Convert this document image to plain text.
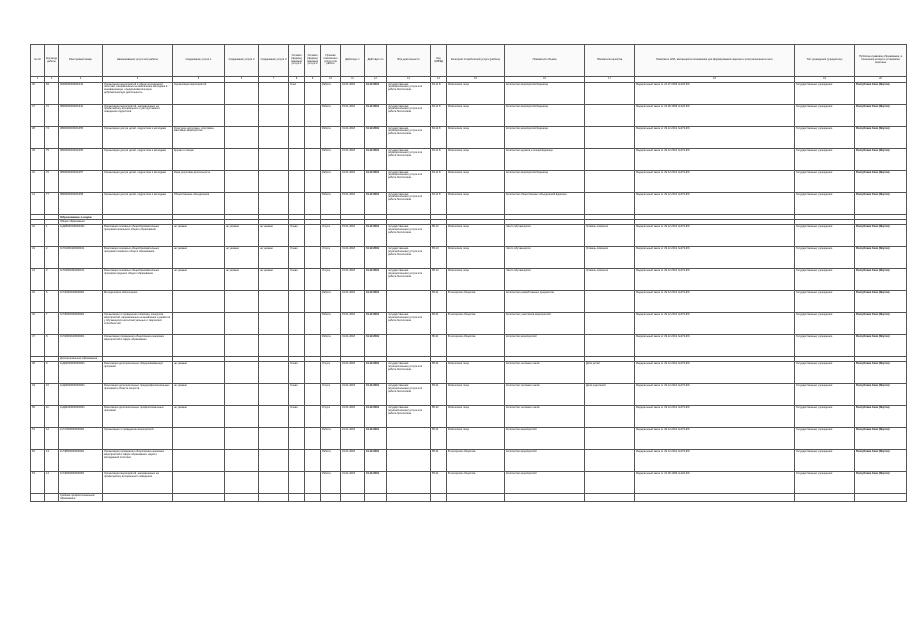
№ п/п	Код вида работы	Реестровый номер	Наименование услуги или работы	Содержание услуги 1	Содержание услуги 2	Содержание услуги 3	Условия (формы) оказания услуги 1	Условия (формы) оказания услуги 2	Признак отнесения к услуге или работе	Действует с	Действует по	Вид деятельности	Код ОКВЭД	Категории потребителей услуги (работы)	Показатели объема	Показатели качества	Реквизиты НПА, являющихся основанием для формирования перечня и (или) включения в него	Тип учреждения (учредитель)	Публично-правовое образование, в отношении которого установлен перечень
1	2	3	4	5	6	7	8	9	10	11	12	13	14	15	16	17	18	19	20
36	69	0600000000000142	Организация мероприятий в сфере молодежной политики, направленных на вовлечение молодежи в инновационную, предпринимательскую, добровольческую деятельность	Организация мероприятий			Очно		Работа	01.01.2018	31.12.2019	государственная (муниципальная) услуга или работа бесплатная	84.11.8	Физические лица	Количество мероприятий Единица		Федеральный закон от 24.07.2009 №125-ФЗ	Государственные учреждения	Республика Саха (Якутия)
37	72	0800000000001342	Организация мероприятий, направленных на профилактику асоциального и деструктивного поведения подростков						Работа	01.01.2018	31.12.2019	государственная (муниципальная) услуга или работа бесплатная	84.11.8	Физические лица	Количество мероприятий Единица		Федеральный закон от 24.06.1999 №120-ФЗ	Государственные учреждения	Республика Саха (Якутия)
38	74	0800000000001455	Организация досуга детей, подростков и молодежи	Культурно-досуговые, спортивно-массовые мероприятия					Работа	01.01.2018	31.12.2019	государственная (муниципальная) услуга или работа бесплатная	84.11.8	Физические лица	Количество мероприятий Единица		Федеральный закон от 29.12.2012 №273-ФЗ	Государственные учреждения	Республика Саха (Якутия)
39	75	0800000000001456	Организация досуга детей, подростков и молодежи	Кружки и секции					Работа	01.01.2018	31.12.2019	государственная (муниципальная) услуга или работа бесплатная	84.11.8	Физические лица	Количество кружков и секций Единица		Федеральный закон от 29.12.2012 №273-ФЗ	Государственные учреждения	Республика Саха (Якутия)
40	76	0800000000001457	Организация досуга детей, подростков и молодежи	Иная досуговая деятельность					Работа	01.01.2018	31.12.2019	государственная (муниципальная) услуга или работа бесплатная	84.11.8	Физические лица	Количество мероприятий Единица		Федеральный закон от 29.12.2012 №273-ФЗ	Государственные учреждения	Республика Саха (Якутия)
41	77	0800000000001458	Организация досуга детей, подростков и молодежи	Общественные объединения					Работа	01.01.2018	31.12.2019	государственная (муниципальная) услуга или работа бесплатная	84.11.8	Физические лица	Количество общественных объединений Единица		Федеральный закон от 29.12.2012 №273-ФЗ	Государственные учреждения	Республика Саха (Якутия)
		Образование и наука																	
		Общее образование																	
42	1	11Д45000100400101	Реализация основных общеобразовательных программ начального общего образования	не указано	не указано	не указано	Очная		Услуга	01.01.2018	31.12.2019	государственная (муниципальная) услуга или работа бесплатная	85.12	Физические лица	Число обучающихся	Уровень освоения	Федеральный закон от 29.12.2012 №273-ФЗ	Государственные учреждения	Республика Саха (Якутия)
43	2	11791000100400101	Реализация основных общеобразовательных программ основного общего образования	не указано	не указано	не указано	Очная		Услуга	01.01.2018	31.12.2019	государственная (муниципальная) услуга или работа бесплатная	85.13	Физические лица	Число обучающихся	Уровень освоения	Федеральный закон от 29.12.2012 №273-ФЗ	Государственные учреждения	Республика Саха (Якутия)
44	3	11794000300400101	Реализация основных общеобразовательных программ среднего общего образования	не указано	не указано	не указано	Очная		Услуга	01.01.2018	31.12.2019	государственная (муниципальная) услуга или работа бесплатная	85.14	Физические лица	Число обучающихся	Уровень освоения	Федеральный закон от 29.12.2012 №273-ФЗ	Государственные учреждения	Республика Саха (Якутия)
45	5	11Г42000100000001	Методическое обеспечение						Работа	01.01.2018	31.12.2019		85.41	В интересах общества	Количество разработанных документов		Федеральный закон от 29.12.2012 №273-ФЗ	Государственные учреждения	Республика Саха (Якутия)
46	7	11Г45000300000001	Организация и проведение олимпиад, конкурсов, мероприятий, направленных на выявление и развитие у обучающихся интеллектуальных и творческих способностей						Работа	01.01.2018	31.12.2019	государственная (муниципальная) услуга или работа бесплатная	85.41	В интересах общества	Количество участников мероприятий		Федеральный закон от 29.12.2012 №273-ФЗ	Государственные учреждения	Республика Саха (Якутия)
47	8	11Г46000100000001	Организация проведения общественно-значимых мероприятий в сфере образования						Работа	01.01.2018	31.12.2019		85.41	В интересах общества	Количество мероприятий		Федеральный закон от 29.12.2012 №273-ФЗ	Государственные учреждения	Республика Саха (Якутия)
		Дополнительное образование																	
48	9	11Д42000000000001	Реализация дополнительных общеразвивающих программ	не указано			Очная		Услуга	01.01.2018	31.12.2019	государственная (муниципальная) услуга или работа бесплатная	85.41	Физические лица	Количество человеко-часов	Доля детей	Федеральный закон от 29.12.2012 №273-ФЗ	Государственные учреждения	Республика Саха (Якутия)
49	10	11Д43000000000001	Реализация дополнительных предпрофессиональных программ в области искусств	не указано			Очная		Услуга	01.01.2018	31.12.2019	государственная (муниципальная) услуга или работа бесплатная	85.41	Физические лица	Количество человеко-часов	Доля родителей	Федеральный закон от 29.12.2012 №273-ФЗ	Государственные учреждения	Республика Саха (Якутия)
50	11	11Д44000000000001	Реализация дополнительных профессиональных программ	не указано			Очная		Услуга	01.01.2018	31.12.2019	государственная (муниципальная) услуга или работа бесплатная	85.42	Физические лица	Количество человеко-часов		Федеральный закон от 29.12.2012 №273-ФЗ	Государственные учреждения	Республика Саха (Якутия)
51	12	11Г47000000000001	Организация и проведение мероприятий						Работа	01.01.2018	31.12.2019		85.41	Физические лица	Количество мероприятий		Федеральный закон от 29.12.2012 №273-ФЗ	Государственные учреждения	Республика Саха (Якутия)
52	13	11Г48000000000001	Организация проведения общественно-значимых мероприятий в сфере образования, науки и молодежной политики						Работа	01.01.2018	31.12.2019		85.41	В интересах общества	Количество мероприятий		Федеральный закон от 29.12.2012 №273-ФЗ	Государственные учреждения	Республика Саха (Якутия)
53	14	11Г49000000000001	Организация мероприятий, направленных на профилактику асоциального поведения						Работа	01.01.2018	31.12.2019		85.41	В интересах общества	Количество мероприятий		Федеральный закон от 24.06.1999 №120-ФЗ	Государственные учреждения	Республика Саха (Якутия)
		Среднее профессиональное образование																	
